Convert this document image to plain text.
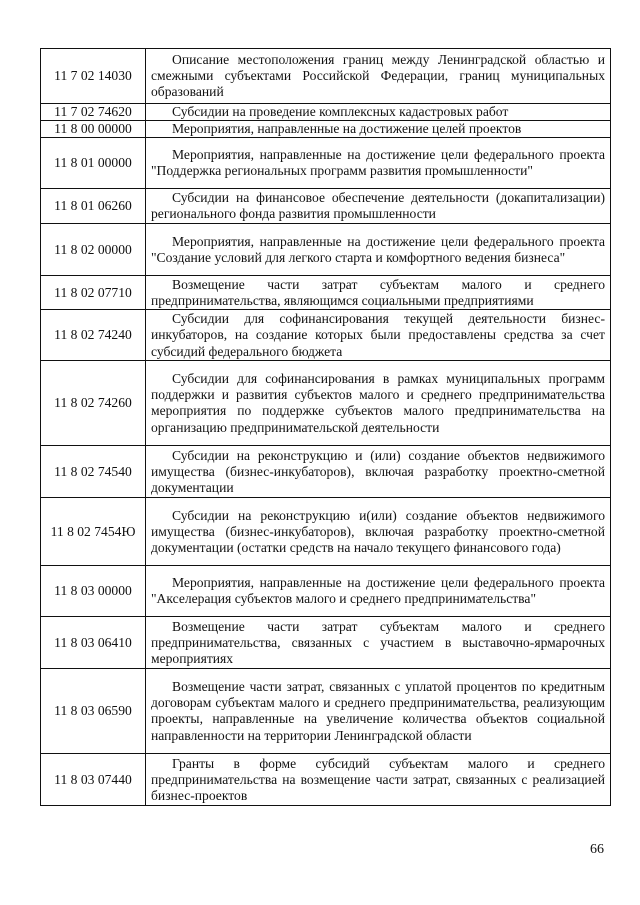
11 7 02 14030	Описание местоположения границ между Ленинградской областью и смежными субъектами Российской Федерации, границ муниципальных образований
11 7 02 74620	Субсидии на проведение комплексных кадастровых работ
11 8 00 00000	Мероприятия, направленные на достижение целей проектов
11 8 01 00000	Мероприятия, направленные на достижение цели федерального проекта "Поддержка региональных программ развития промышленности"
11 8 01 06260	Субсидии на финансовое обеспечение деятельности (докапитализации) регионального фонда развития промышленности
11 8 02 00000	Мероприятия, направленные на достижение цели федерального проекта "Создание условий для легкого старта и комфортного ведения бизнеса"
11 8 02 07710	Возмещение части затрат субъектам малого и среднего предпринимательства, являющимся социальными предприятиями
11 8 02 74240	Субсидии для софинансирования текущей деятельности бизнес-инкубаторов, на создание которых были предоставлены средства за счет субсидий федерального бюджета
11 8 02 74260	Субсидии для софинансирования в рамках муниципальных программ поддержки и развития субъектов малого и среднего предпринимательства мероприятия по поддержке субъектов малого предпринимательства на организацию предпринимательской деятельности
11 8 02 74540	Субсидии на реконструкцию и (или) создание объектов недвижимого имущества (бизнес-инкубаторов), включая разработку проектно-сметной документации
11 8 02 7454Ю	Субсидии на реконструкцию и(или) создание объектов недвижимого имущества (бизнес-инкубаторов), включая разработку проектно-сметной документации (остатки средств на начало текущего финансового года)
11 8 03 00000	Мероприятия, направленные на достижение цели федерального проекта "Акселерация субъектов малого и среднего предпринимательства"
11 8 03 06410	Возмещение части затрат субъектам малого и среднего предпринимательства, связанных с участием в выставочно-ярмарочных мероприятиях
11 8 03 06590	Возмещение части затрат, связанных с уплатой процентов по кредитным договорам субъектам малого и среднего предпринимательства, реализующим проекты, направленные на увеличение количества объектов социальной направленности на территории Ленинградской области
11 8 03 07440	Гранты в форме субсидий субъектам малого и среднего предпринимательства на возмещение части затрат, связанных с реализацией бизнес-проектов
66
